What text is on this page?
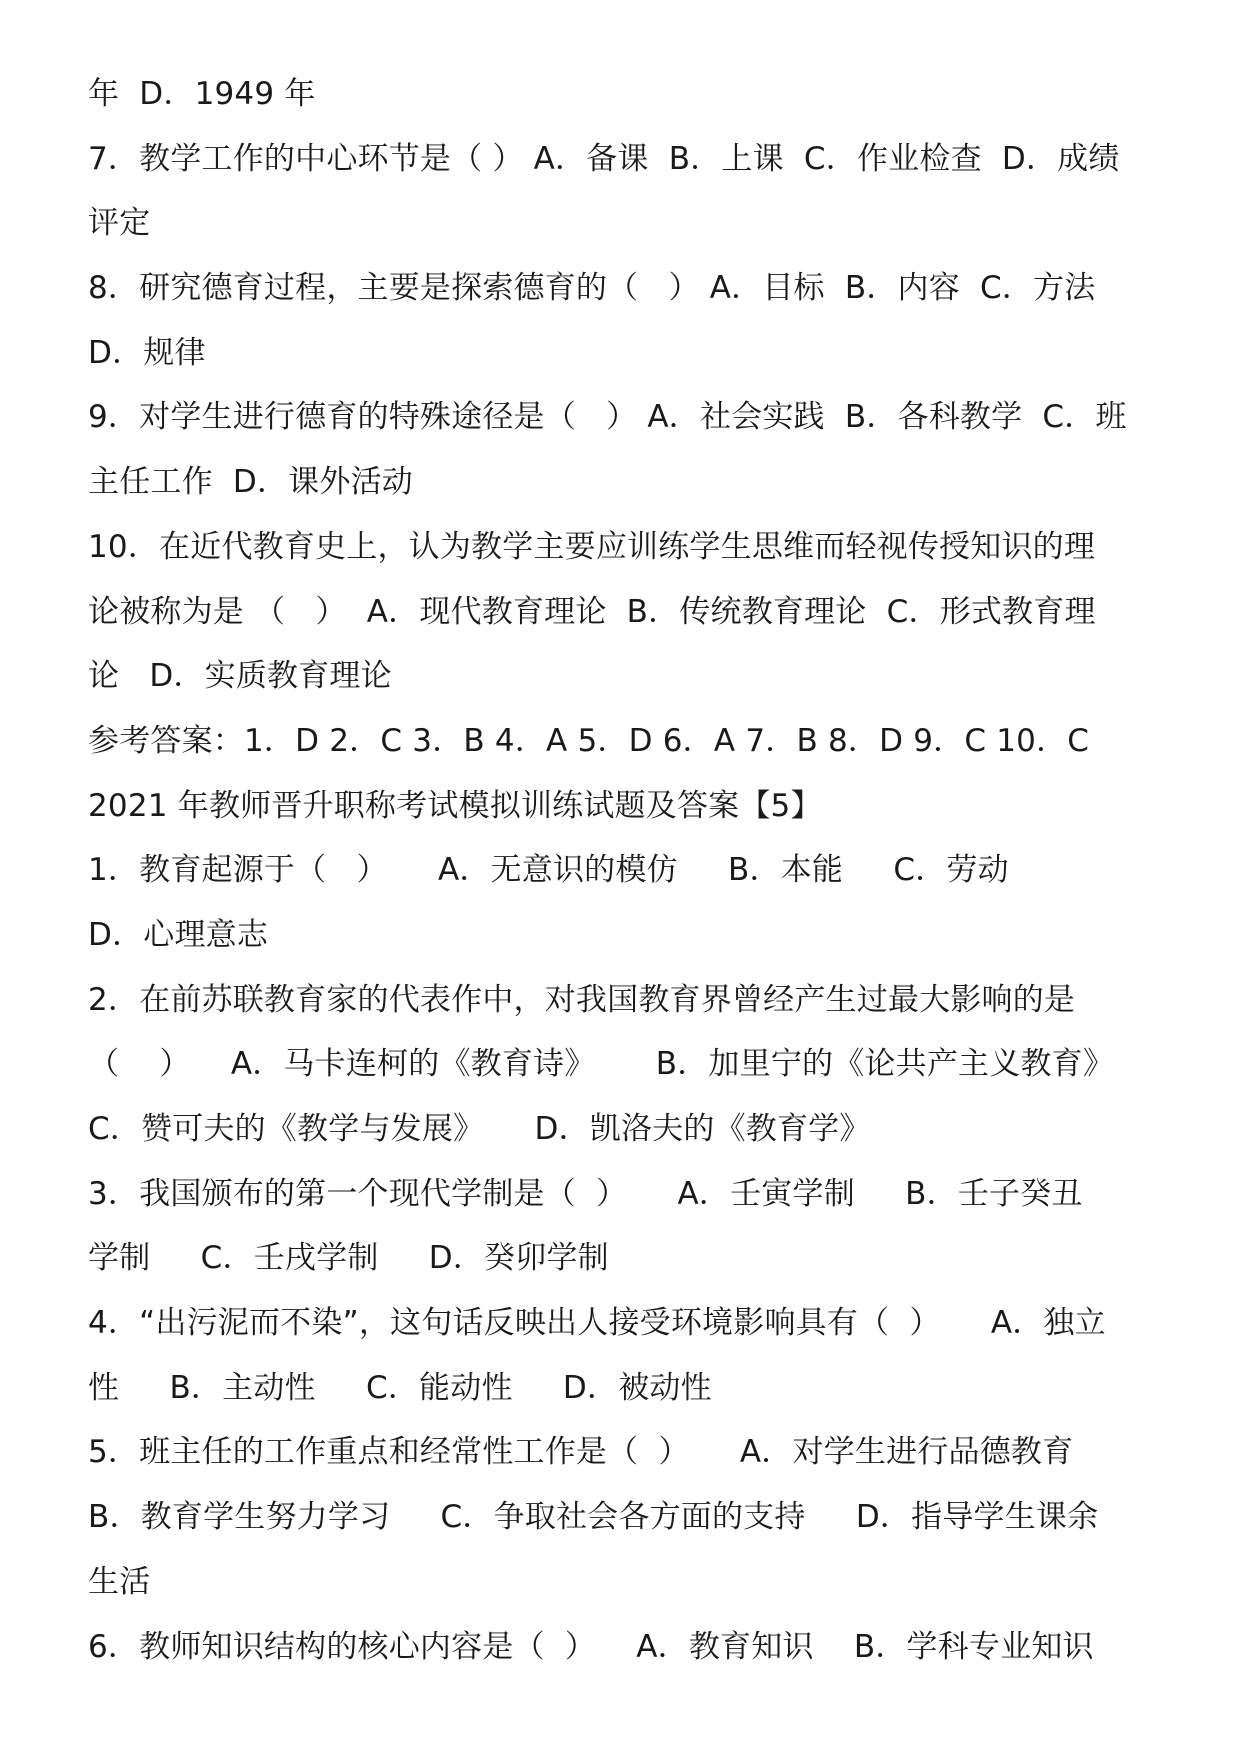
年  D．1949 年
7．教学工作的中心环节是（ ） A．备课  B．上课  C．作业检查  D．成绩
评定
8．研究德育过程，主要是探索德育的（   ） A．目标  B．内容  C．方法
D．规律
9．对学生进行德育的特殊途径是（   ） A．社会实践  B．各科教学  C．班
主任工作  D．课外活动
10．在近代教育史上，认为教学主要应训练学生思维而轻视传授知识的理
论被称为是 （   ）  A．现代教育理论  B．传统教育理论  C．形式教育理
论   D．实质教育理论
参考答案：1．D 2．C 3．B 4．A 5．D 6．A 7．B 8．D 9．C 10．C
2021 年教师晋升职称考试模拟训练试题及答案【5】
1．教育起源于（   ）     A．无意识的模仿     B．本能     C．劳动
D．心理意志
2．在前苏联教育家的代表作中，对我国教育界曾经产生过最大影响的是
（    ）    A．马卡连柯的《教育诗》      B．加里宁的《论共产主义教育》
C．赞可夫的《教学与发展》     D．凯洛夫的《教育学》
3．我国颁布的第一个现代学制是（  ）     A．壬寅学制     B．壬子癸丑
学制     C．壬戌学制     D．癸卯学制
4．“出污泥而不染”，这句话反映出人接受环境影响具有（  ）     A．独立
性     B．主动性     C．能动性     D．被动性
5．班主任的工作重点和经常性工作是（  ）     A．对学生进行品德教育
B．教育学生努力学习     C．争取社会各方面的支持     D．指导学生课余
生活
6．教师知识结构的核心内容是（  ）    A．教育知识    B．学科专业知识
